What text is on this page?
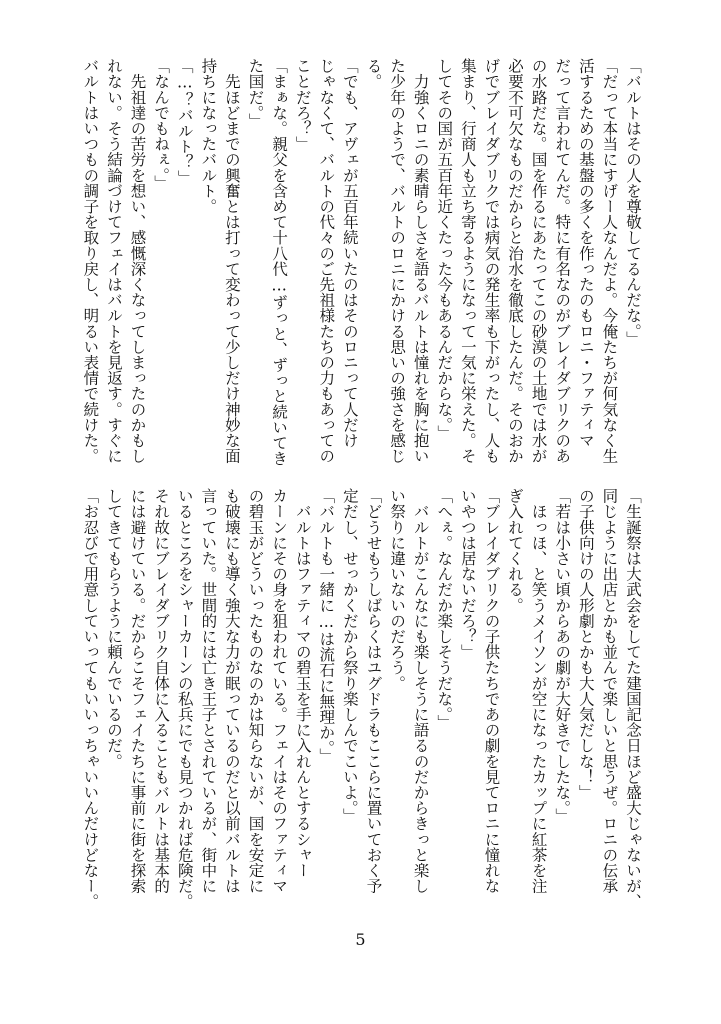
「バルトはその人を尊敬してるんだな。」

「だって本当にすげー人なんだよ。今俺たちが何気なく生

活するための基盤の多くを作ったのもロニ・ファティマ

だって言われてんだ。特に有名なのがブレイダブリクのあ

の水路だな。国を作るにあたってこの砂漠の土地では水が

必要不可欠なものだからと治水を徹底したんだ。そのおか

げでブレイダブリクでは病気の発生率も下がったし、人も

集まり、行商人も立ち寄るようになって一気に栄えた。そ

してその国が五百年近くたった今もあるんだからな。」

　力強くロニの素晴らしさを語るバルトは憧れを胸に抱い

た少年のようで、バルトのロニにかける思いの強さを感じ

る。

「でも、アヴェが五百年続いたのはそのロニって人だけ

じゃなくて、バルトの代々のご先祖様たちの力もあっての

ことだろ？」

「まぁな。親父を含めて十八代…ずっと、ずっと続いてき

た国だ。」

　先ほどまでの興奮とは打って変わって少しだけ神妙な面

持ちになったバルト。

「…？バルト？」

「なんでもねぇ。」

　先祖達の苦労を想い、感慨深くなってしまったのかもし

れない。そう結論づけてフェイはバルトを見返す。すぐに

バルトはいつもの調子を取り戻し、明るい表情で続けた。

「生誕祭は大武会をしてた建国記念日ほど盛大じゃないが、

同じように出店とかも並んで楽しいと思うぜ。ロニの伝承

の子供向けの人形劇とかも大人気だしな！」

「若は小さい頃からあの劇が大好きでしたな。」

　ほっほ、と笑うメイソンが空になったカップに紅茶を注

ぎ入れてくれる。

「ブレイダブリクの子供たちであの劇を見てロニに憧れな

いやつは居ないだろ？」

「へぇ。なんだか楽しそうだな。」

　バルトがこんなにも楽しそうに語るのだからきっと楽し

い祭りに違いないのだろう。

「どうせもうしばらくはユグドラもここらに置いておく予

定だし、せっかくだから祭り楽しんでこいよ。」

「バルトも一緒に…は流石に無理か。」

　バルトはファティマの碧玉を手に入れんとするシャー

カーンにその身を狙われている。フェイはそのファティマ

の碧玉がどういったものなのかは知らないが、国を安定に

も破壊にも導く強大な力が眠っているのだと以前バルトは

言っていた。世間的には亡き王子とされているが、街中に

いるところをシャーカーンの私兵にでも見つかれば危険だ。

それ故にブレイダブリク自体に入ることもバルトは基本的

には避けている。だからこそフェイたちに事前に街を探索

してきてもらうように頼んでいるのだ。

「お忍びで用意していってもいいっちゃいいんだけどなー。

5
